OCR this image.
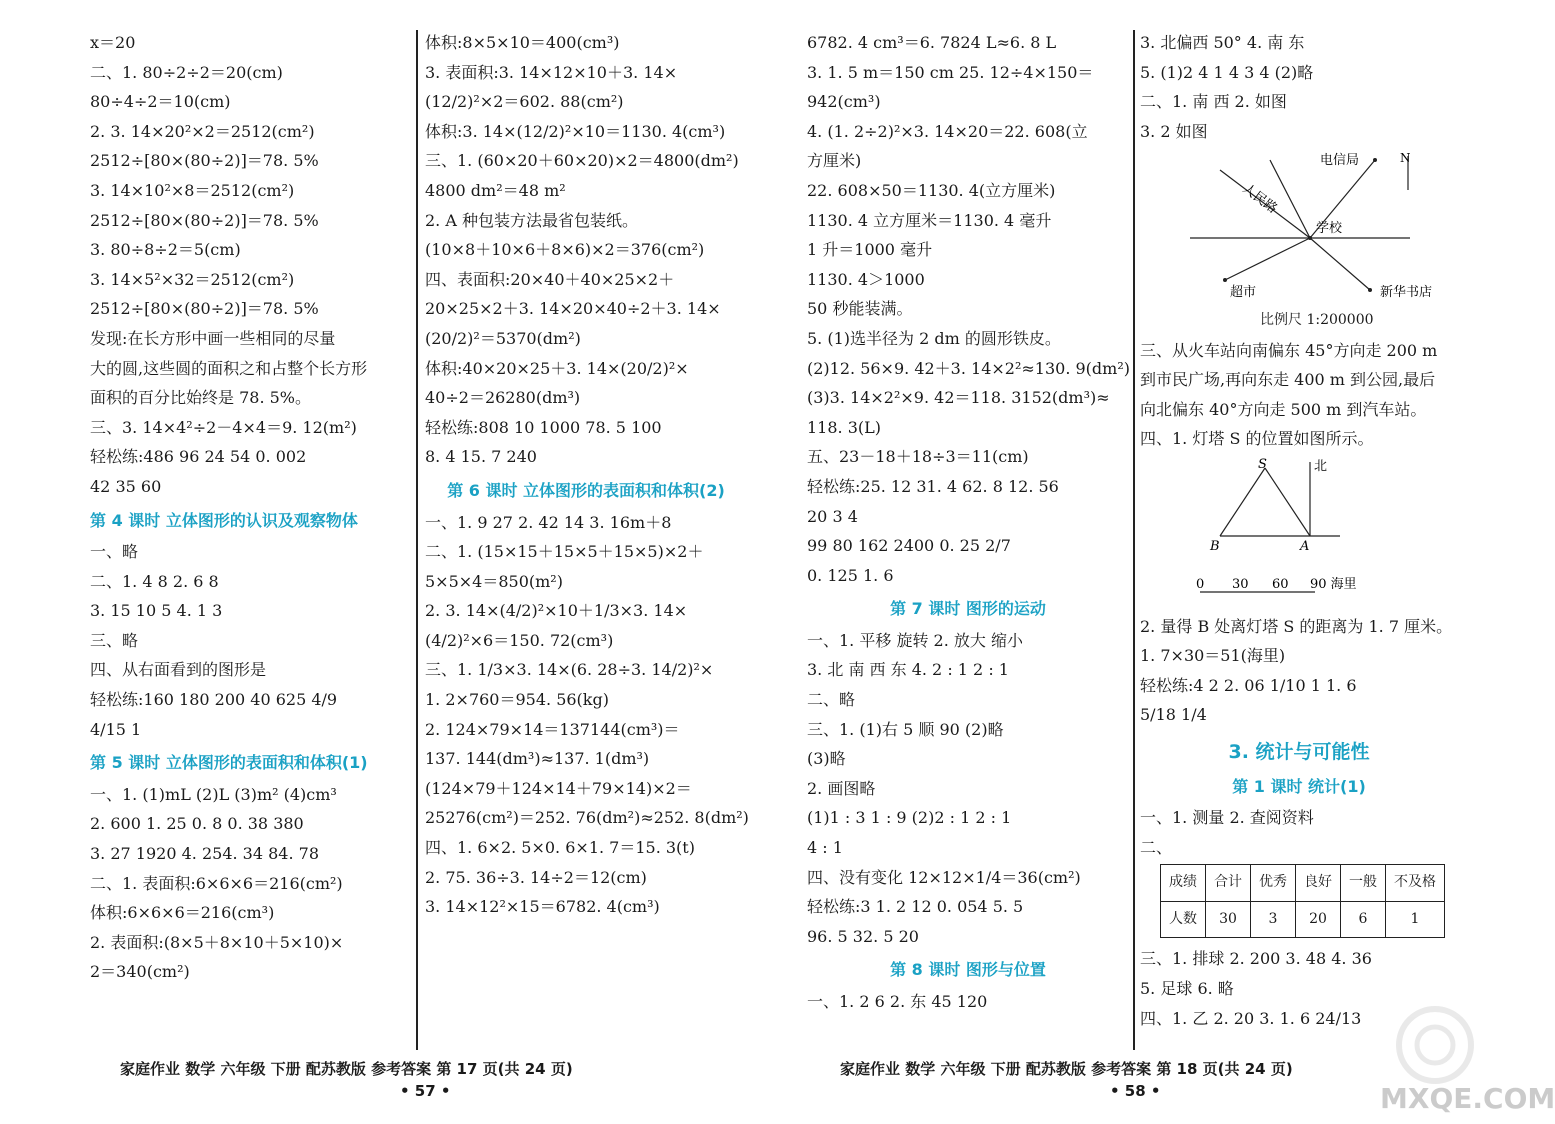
x＝20
二、1. 80÷2÷2＝20(cm)
80÷4÷2＝10(cm)
2. 3. 14×20²×2＝2512(cm²)
2512÷[80×(80÷2)]＝78. 5%
3. 14×10²×8＝2512(cm²)
2512÷[80×(80÷2)]＝78. 5%
3. 80÷8÷2＝5(cm)
3. 14×5²×32＝2512(cm²)
2512÷[80×(80÷2)]＝78. 5%
发现:在长方形中画一些相同的尽量
大的圆,这些圆的面积之和占整个长方形
面积的百分比始终是 78. 5%。
三、3. 14×4²÷2－4×4＝9. 12(m²)
轻松练:486 96 24 54 0. 002
42 35 60
第 4 课时 立体图形的认识及观察物体
一、略
二、1. 4 8 2. 6 8
3. 15 10 5 4. 1 3
三、略
四、从右面看到的图形是
轻松练:160 180 200 40 625 4/9
4/15 1
第 5 课时 立体图形的表面积和体积(1)
一、1. (1)mL (2)L (3)m² (4)cm³
2. 600 1. 25 0. 8 0. 38 380
3. 27 1920 4. 254. 34 84. 78
二、1. 表面积:6×6×6＝216(cm²)
体积:6×6×6＝216(cm³)
2. 表面积:(8×5＋8×10＋5×10)×
2＝340(cm²)
体积:8×5×10＝400(cm³)
3. 表面积:3. 14×12×10＋3. 14×
(12/2)²×2＝602. 88(cm²)
体积:3. 14×(12/2)²×10＝1130. 4(cm³)
三、1. (60×20＋60×20)×2＝4800(dm²)
4800 dm²＝48 m²
2. A 种包装方法最省包装纸。
(10×8＋10×6＋8×6)×2＝376(cm²)
四、表面积:20×40＋40×25×2＋
20×25×2＋3. 14×20×40÷2＋3. 14×
(20/2)²＝5370(dm²)
体积:40×20×25＋3. 14×(20/2)²×
40÷2＝26280(dm³)
轻松练:808 10 1000 78. 5 100
8. 4 15. 7 240
第 6 课时 立体图形的表面积和体积(2)
一、1. 9 27 2. 42 14 3. 16m＋8
二、1. (15×15＋15×5＋15×5)×2＋
5×5×4＝850(m²)
2. 3. 14×(4/2)²×10＋1/3×3. 14×
(4/2)²×6＝150. 72(cm³)
三、1. 1/3×3. 14×(6. 28÷3. 14/2)²×
1. 2×760＝954. 56(kg)
2. 124×79×14＝137144(cm³)＝
137. 144(dm³)≈137. 1(dm³)
(124×79＋124×14＋79×14)×2＝
25276(cm²)＝252. 76(dm²)≈252. 8(dm²)
四、1. 6×2. 5×0. 6×1. 7＝15. 3(t)
2. 75. 36÷3. 14÷2＝12(cm)
3. 14×12²×15＝6782. 4(cm³)
6782. 4 cm³＝6. 7824 L≈6. 8 L
3. 1. 5 m＝150 cm 25. 12÷4×150＝
942(cm³)
4. (1. 2÷2)²×3. 14×20＝22. 608(立
方厘米)
22. 608×50＝1130. 4(立方厘米)
1130. 4 立方厘米＝1130. 4 毫升
1 升＝1000 毫升
1130. 4＞1000
50 秒能装满。
5. (1)选半径为 2 dm 的圆形铁皮。
(2)12. 56×9. 42＋3. 14×2²≈130. 9(dm²)
(3)3. 14×2²×9. 42＝118. 3152(dm³)≈
118. 3(L)
五、23－18＋18÷3＝11(cm)
轻松练:25. 12 31. 4 62. 8 12. 56
20 3 4
99 80 162 2400 0. 25 2/7
0. 125 1. 6
第 7 课时 图形的运动
一、1. 平移 旋转 2. 放大 缩小
3. 北 南 西 东 4. 2 : 1 2 : 1
二、略
三、1. (1)右 5 顺 90 (2)略
(3)略
2. 画图略
(1)1 : 3 1 : 9 (2)2 : 1 2 : 1
4 : 1
四、没有变化 12×12×1/4＝36(cm²)
轻松练:3 1. 2 12 0. 054 5. 5
96. 5 32. 5 20
第 8 课时 图形与位置
一、1. 2 6 2. 东 45 120
3. 北偏西 50° 4. 南 东
5. (1)2 4 1 4 3 4 (2)略
二、1. 南 西 2. 如图
3. 2 如图
N
电信局
人民路
学校
超市	新华书店
比例尺 1:200000
三、从火车站向南偏东 45°方向走 200 m
到市民广场,再向东走 400 m 到公园,最后
向北偏东 40°方向走 500 m 到汽车站。
四、1. 灯塔 S 的位置如图所示。
S	北
B	A
0 30 60 90 海里
2. 量得 B 处离灯塔 S 的距离为 1. 7 厘米。
1. 7×30＝51(海里)
轻松练:4 2 2. 06 1/10 1 1. 6
5/18 1/4
3. 统计与可能性
第 1 课时 统计(1)
一、1. 测量 2. 查阅资料
二、
成绩	合计	优秀	良好	一般	不及格
人数	30	3	20	6	1
三、1. 排球 2. 200 3. 48 4. 36
5. 足球 6. 略
四、1. 乙 2. 20 3. 1. 6 24/13
家庭作业 数学 六年级 下册 配苏教版 参考答案 第 17 页(共 24 页)
• 57 •
家庭作业 数学 六年级 下册 配苏教版 参考答案 第 18 页(共 24 页)
• 58 •	MXQE.COM
